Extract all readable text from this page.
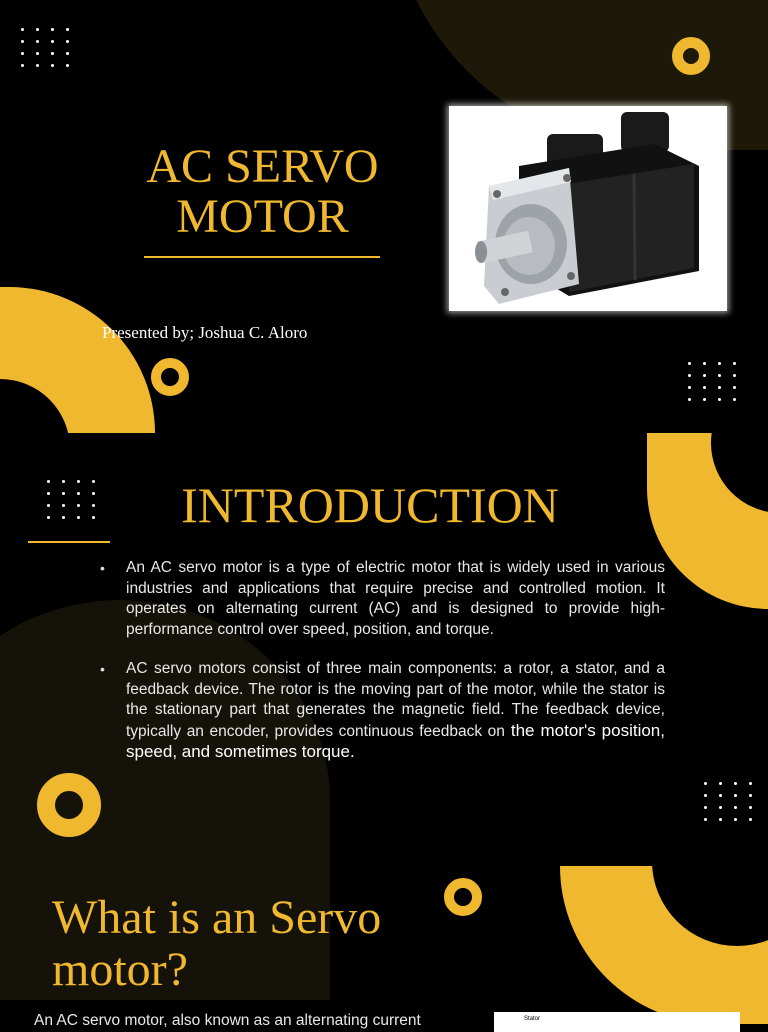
AC SERVO
MOTOR
Presented by; Joshua C. Aloro
INTRODUCTION
• An AC servo motor is a type of electric motor that is widely used in various industries and applications that require precise and controlled motion. It operates on alternating current (AC) and is designed to provide high-performance control over speed, position, and torque.
• AC servo motors consist of three main components: a rotor, a stator, and a feedback device. The rotor is the moving part of the motor, while the stator is the stationary part that generates the magnetic field. The feedback device, typically an encoder, provides continuous feedback on the motor's position, speed, and sometimes torque.
What is an Servo
motor?
An AC servo motor, also known as an alternating current	Stator
